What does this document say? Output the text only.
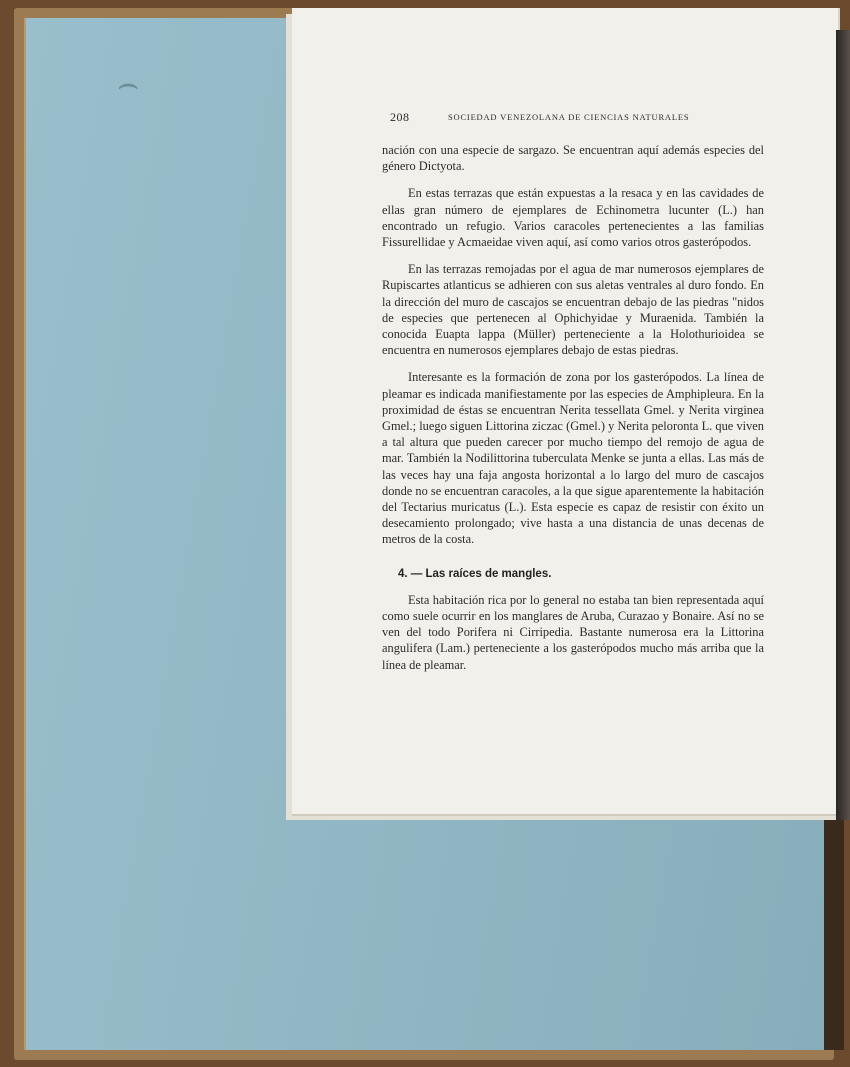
⌢
208	SOCIEDAD VENEZOLANA DE CIENCIAS NATURALES

nación con una especie de sargazo. Se encuentran aquí además especies del género Dictyota.

En estas terrazas que están expuestas a la resaca y en las cavidades de ellas gran número de ejemplares de Echinometra lucunter (L.) han encontrado un refugio. Varios caracoles pertenecientes a las familias Fissurellidae y Acmaeidae viven aquí, así como varios otros gasterópodos.

En las terrazas remojadas por el agua de mar numerosos ejemplares de Rupiscartes atlanticus se adhieren con sus aletas ventrales al duro fondo. En la dirección del muro de cascajos se encuentran debajo de las piedras "nidos de especies que pertenecen al Ophichyidae y Muraenida. También la conocida Euapta lappa (Müller) perteneciente a la Holothurioidea se encuentra en numerosos ejemplares debajo de estas piedras.

Interesante es la formación de zona por los gasterópodos. La línea de pleamar es indicada manifiestamente por las especies de Amphipleura. En la proximidad de éstas se encuentran Nerita tessellata Gmel. y Nerita virginea Gmel.; luego siguen Littorina ziczac (Gmel.) y Nerita peloronta L. que viven a tal altura que pueden carecer por mucho tiempo del remojo de agua de mar. También la Nodilittorina tuberculata Menke se junta a ellas. Las más de las veces hay una faja angosta horizontal a lo largo del muro de cascajos donde no se encuentran caracoles, a la que sigue aparentemente la habitación del Tectarius muricatus (L.). Esta especie es capaz de resistir con éxito un desecamiento prolongado; vive hasta a una distancia de unas decenas de metros de la costa.

4. — Las raíces de mangles.

Esta habitación rica por lo general no estaba tan bien representada aquí como suele ocurrir en los manglares de Aruba, Curazao y Bonaire. Así no se ven del todo Porifera ni Cirripedia. Bastante numerosa era la Littorina angulifera (Lam.) perteneciente a los gasterópodos mucho más arriba que la línea de pleamar.
